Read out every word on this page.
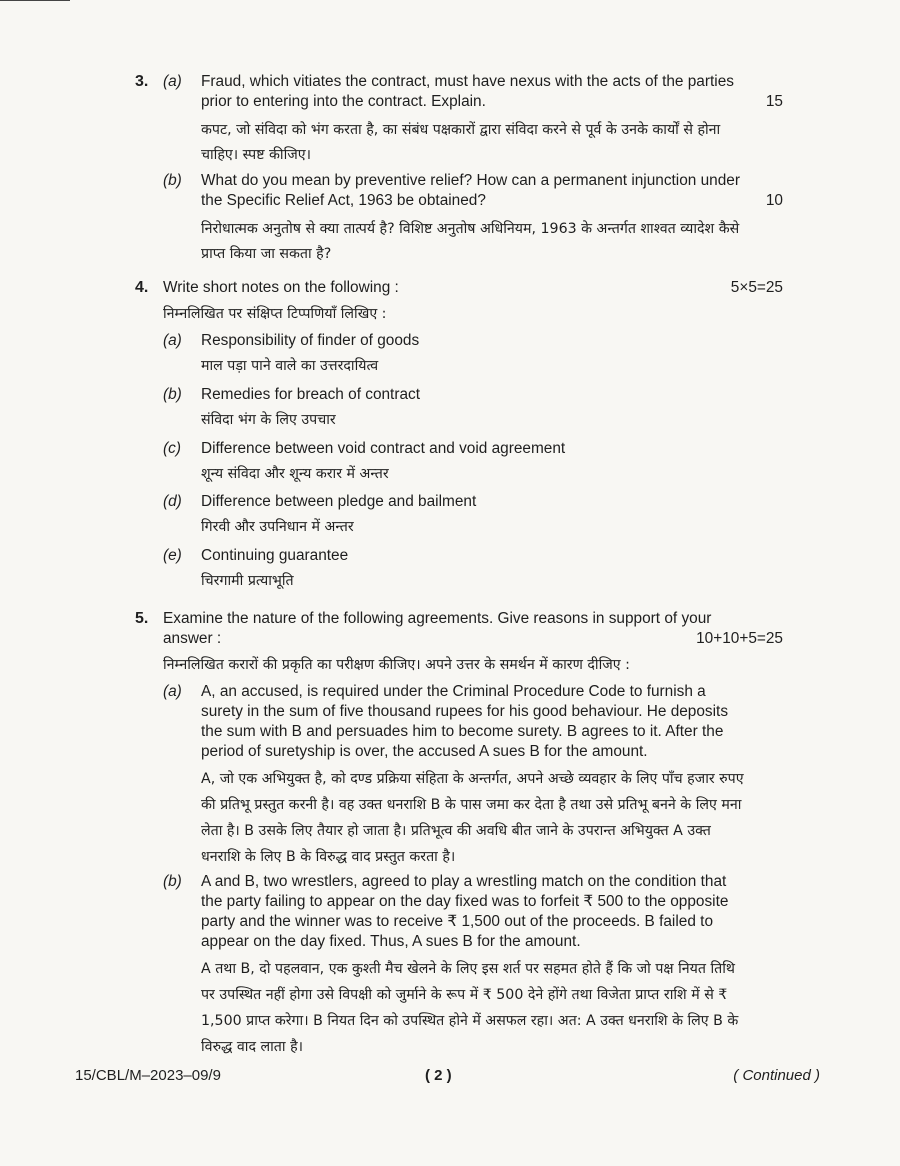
3. (a) Fraud, which vitiates the contract, must have nexus with the acts of the parties prior to entering into the contract. Explain.	15
कपट, जो संविदा को भंग करता है, का संबंध पक्षकारों द्वारा संविदा करने से पूर्व के उनके कार्यों से होना चाहिए। स्पष्ट कीजिए।
(b) What do you mean by preventive relief? How can a permanent injunction under the Specific Relief Act, 1963 be obtained?	10
निरोधात्मक अनुतोष से क्या तात्पर्य है? विशिष्ट अनुतोष अधिनियम, 1963 के अन्तर्गत शाश्वत व्यादेश कैसे प्राप्त किया जा सकता है?
4. Write short notes on the following :	5×5=25
निम्नलिखित पर संक्षिप्त टिप्पणियाँ लिखिए :
(a) Responsibility of finder of goods
माल पड़ा पाने वाले का उत्तरदायित्व
(b) Remedies for breach of contract
संविदा भंग के लिए उपचार
(c) Difference between void contract and void agreement
शून्य संविदा और शून्य करार में अन्तर
(d) Difference between pledge and bailment
गिरवी और उपनिधान में अन्तर
(e) Continuing guarantee
चिरगामी प्रत्याभूति
5. Examine the nature of the following agreements. Give reasons in support of your
answer :	10+10+5=25
निम्नलिखित करारों की प्रकृति का परीक्षण कीजिए। अपने उत्तर के समर्थन में कारण दीजिए :
(a) A, an accused, is required under the Criminal Procedure Code to furnish a surety in the sum of five thousand rupees for his good behaviour. He deposits the sum with B and persuades him to become surety. B agrees to it. After the period of suretyship is over, the accused A sues B for the amount.
A, जो एक अभियुक्त है, को दण्ड प्रक्रिया संहिता के अन्तर्गत, अपने अच्छे व्यवहार के लिए पाँच हजार रुपए की प्रतिभू प्रस्तुत करनी है। वह उक्त धनराशि B के पास जमा कर देता है तथा उसे प्रतिभू बनने के लिए मना लेता है। B उसके लिए तैयार हो जाता है। प्रतिभूत्व की अवधि बीत जाने के उपरान्त अभियुक्त A उक्त धनराशि के लिए B के विरुद्ध वाद प्रस्तुत करता है।
(b) A and B, two wrestlers, agreed to play a wrestling match on the condition that the party failing to appear on the day fixed was to forfeit ₹ 500 to the opposite party and the winner was to receive ₹ 1,500 out of the proceeds. B failed to appear on the day fixed. Thus, A sues B for the amount.
A तथा B, दो पहलवान, एक कुश्ती मैच खेलने के लिए इस शर्त पर सहमत होते हैं कि जो पक्ष नियत तिथि पर उपस्थित नहीं होगा उसे विपक्षी को जुर्माने के रूप में ₹ 500 देने होंगे तथा विजेता प्राप्त राशि में से ₹ 1,500 प्राप्त करेगा। B नियत दिन को उपस्थित होने में असफल रहा। अत: A उक्त धनराशि के लिए B के विरुद्ध वाद लाता है।
15/CBL/M–2023–09/9	( 2 )	( Continued )
